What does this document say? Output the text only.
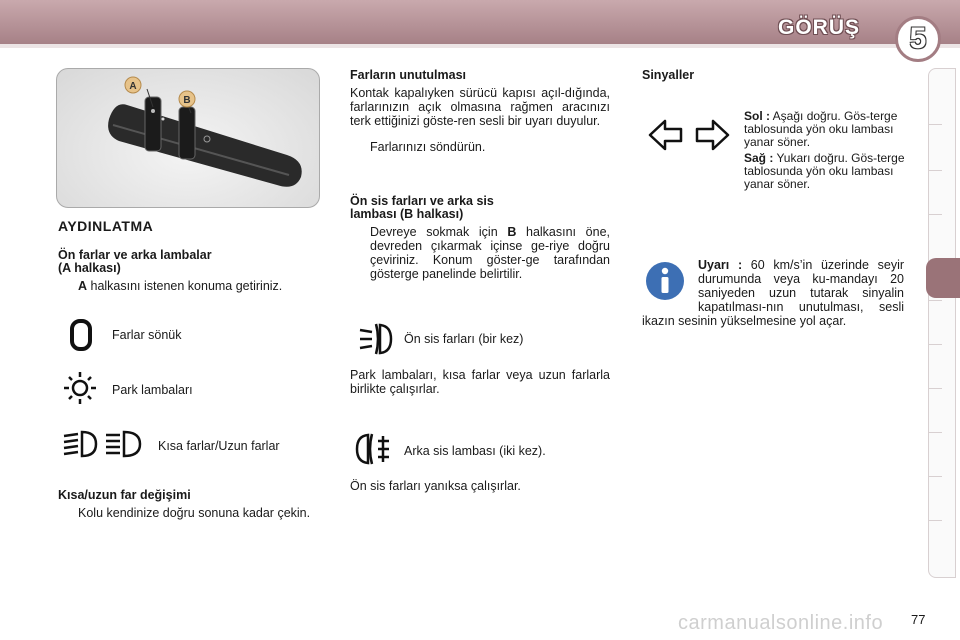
GÖRÜŞ 5
A
B
AYDINLATMA
Ön farlar ve arka lambalar
(A halkası)
A halkasını istenen konuma getiriniz.
Farlar sönük
Park lambaları
Kısa farlar/Uzun farlar
Kısa/uzun far değişimi
Kolu kendinize doğru sonuna kadar çekin.
Farların unutulması
Kontak kapalıyken sürücü kapısı açıl-dığında, farlarınızın açık olmasına rağmen aracınızı terk ettiğinizi göste-ren sesli bir uyarı duyulur.
Farlarınızı söndürün.
Ön sis farları ve arka sis
lambası (B halkası)
Devreye sokmak için B halkasını öne, devreden çıkarmak içinse ge-riye doğru çeviriniz. Konum göster-ge tarafından gösterge panelinde belirtilir.
Ön sis farları (bir kez)
Park lambaları, kısa farlar veya uzun farlarla birlikte çalışırlar.
Arka sis lambası (iki kez).
Ön sis farları yanıksa çalışırlar.
Sinyaller
Sol : Aşağı doğru. Gös-terge tablosunda yön oku lambası yanar söner.
Sağ : Yukarı doğru. Gös-terge tablosunda yön oku lambası yanar söner.
Uyarı : 60 km/s’in üzerinde seyir durumunda veya ku-mandayı 20 saniyeden uzun tutarak sinyalin kapatılması-nın unutulması, sesli ikazın sesinin yükselmesine yol açar.
carmanualsonline.info 77
